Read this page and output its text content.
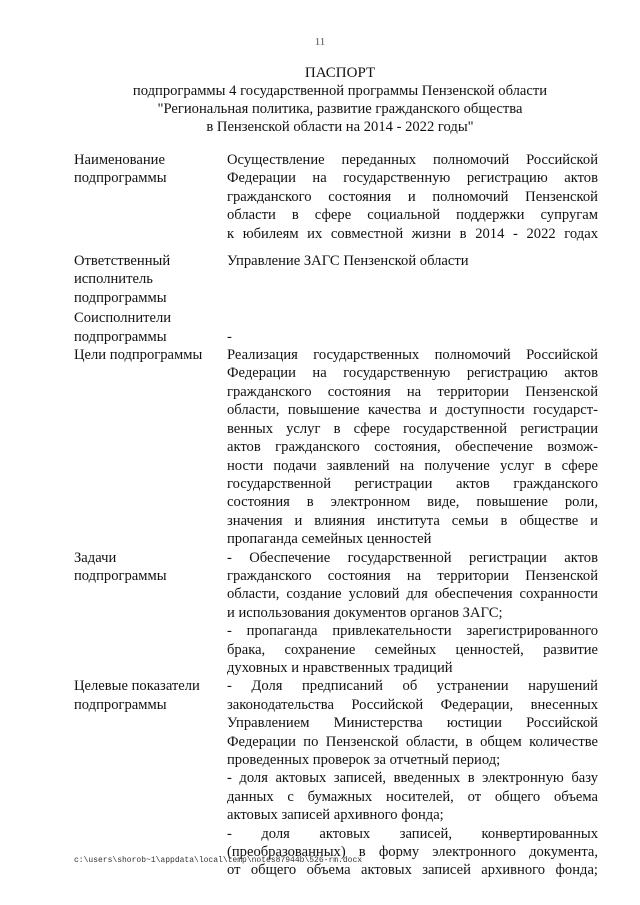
11
ПАСПОРТ
подпрограммы 4 государственной программы Пензенской области
"Региональная политика, развитие гражданского общества
в Пензенской области на 2014 - 2022 годы"
Наименование
подпрограммы
Осуществление переданных полномочий Российской
Федерации на государственную регистрацию актов
гражданского состояния и полномочий Пензенской
области в сфере социальной поддержки супругам
к юбилеям их совместной жизни в 2014 - 2022 годах
Ответственный
исполнитель
подпрограммы
Управление ЗАГС Пензенской области
Соисполнители
подпрограммы
	-
Цели подпрограммы	Реализация государственных полномочий Российской
Федерации на государственную регистрацию актов
гражданского состояния на территории Пензенской
области, повышение качества и доступности государст-
венных услуг в сфере государственной регистрации
актов гражданского состояния, обеспечение возмож-
ности подачи заявлений на получение услуг в сфере
государственной регистрации актов гражданского
состояния в электронном виде, повышение роли,
значения и влияния института семьи в обществе и
пропаганда семейных ценностей
Задачи
подпрограммы
- Обеспечение государственной регистрации актов
гражданского состояния на территории Пензенской
области, создание условий для обеспечения сохранности
и использования документов органов ЗАГС;
- пропаганда привлекательности зарегистрированного
брака, сохранение семейных ценностей, развитие
духовных и нравственных традиций
Целевые показатели
подпрограммы
- Доля предписаний об устранении нарушений
законодательства Российской Федерации, внесенных
Управлением Министерства юстиции Российской
Федерации по Пензенской области, в общем количестве
проведенных проверок за отчетный период;
- доля актовых записей, введенных в электронную базу
данных с бумажных носителей, от общего объема
актовых записей архивного фонда;
- доля актовых записей, конвертированных
(преобразованных) в форму электронного документа,
от общего объема актовых записей архивного фонда;
c:\users\shorob~1\appdata\local\temp\notes87944b\526-rm.docx
